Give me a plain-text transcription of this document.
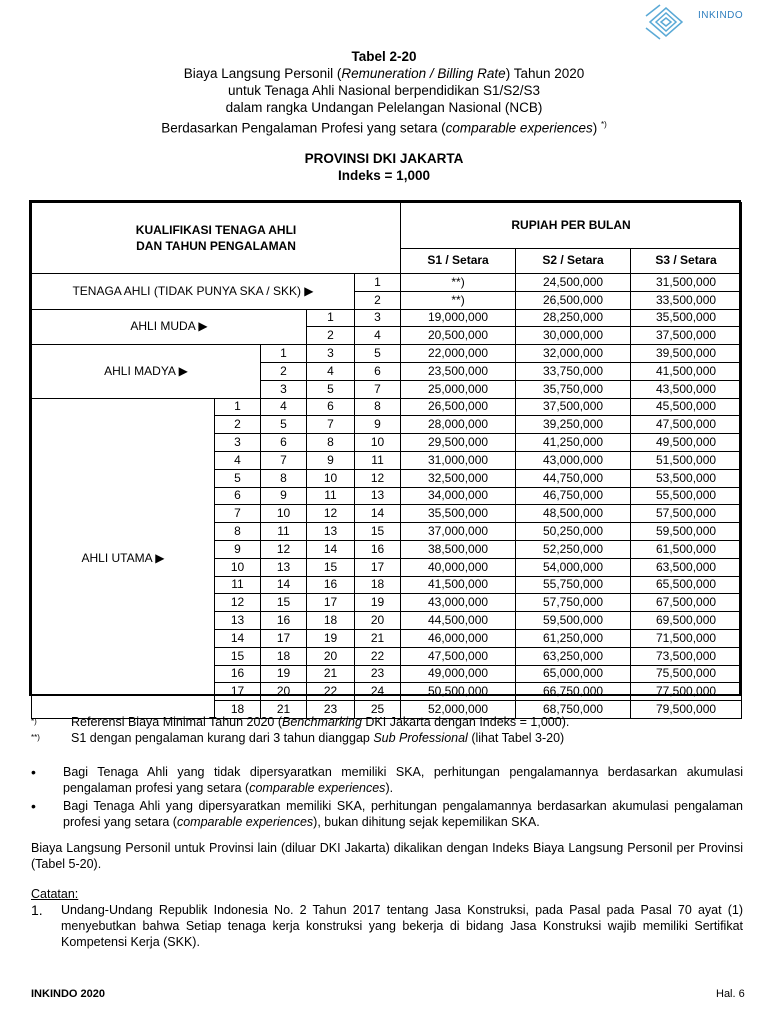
INKINDO
Tabel 2-20
Biaya Langsung Personil (Remuneration / Billing Rate) Tahun 2020
untuk Tenaga Ahli Nasional berpendidikan S1/S2/S3
dalam rangka Undangan Pelelangan Nasional (NCB)
Berdasarkan Pengalaman Profesi yang setara (comparable experiences) *)
PROVINSI DKI JAKARTA
Indeks = 1,000
KUALIFIKASI TENAGA AHLI
DAN TAHUN PENGALAMAN					RUPIAH PER BULAN		
					S1 / Setara	S2 / Setara	S3 / Setara
TENAGA AHLI (TIDAK PUNYA SKA / SKK) ▶				1	**)	24,500,000	31,500,000
				2	**)	26,500,000	33,500,000
AHLI MUDA ▶			1	3	19,000,000	28,250,000	35,500,000
			2	4	20,500,000	30,000,000	37,500,000
AHLI MADYA ▶		1	3	5	22,000,000	32,000,000	39,500,000
		2	4	6	23,500,000	33,750,000	41,500,000
		3	5	7	25,000,000	35,750,000	43,500,000
AHLI UTAMA ▶	1	4	6	8	26,500,000	37,500,000	45,500,000
	2	5	7	9	28,000,000	39,250,000	47,500,000
	3	6	8	10	29,500,000	41,250,000	49,500,000
	4	7	9	11	31,000,000	43,000,000	51,500,000
	5	8	10	12	32,500,000	44,750,000	53,500,000
	6	9	11	13	34,000,000	46,750,000	55,500,000
	7	10	12	14	35,500,000	48,500,000	57,500,000
	8	11	13	15	37,000,000	50,250,000	59,500,000
	9	12	14	16	38,500,000	52,250,000	61,500,000
	10	13	15	17	40,000,000	54,000,000	63,500,000
	11	14	16	18	41,500,000	55,750,000	65,500,000
	12	15	17	19	43,000,000	57,750,000	67,500,000
	13	16	18	20	44,500,000	59,500,000	69,500,000
	14	17	19	21	46,000,000	61,250,000	71,500,000
	15	18	20	22	47,500,000	63,250,000	73,500,000
	16	19	21	23	49,000,000	65,000,000	75,500,000
	17	20	22	24	50,500,000	66,750,000	77,500,000
	18	21	23	25	52,000,000	68,750,000	79,500,000
*)	Referensi Biaya Minimal Tahun 2020 (Benchmarking DKI Jakarta dengan Indeks = 1,000).
**)	S1 dengan pengalaman kurang dari 3 tahun dianggap Sub Professional (lihat Tabel 3-20)
•	Bagi Tenaga Ahli yang tidak dipersyaratkan memiliki SKA, perhitungan pengalamannya berdasarkan akumulasi pengalaman profesi yang setara (comparable experiences).
•	Bagi Tenaga Ahli yang dipersyaratkan memiliki SKA, perhitungan pengalamannya berdasarkan akumulasi pengalaman profesi yang setara (comparable experiences), bukan dihitung sejak kepemilikan SKA.
Biaya Langsung Personil untuk Provinsi lain (diluar DKI Jakarta) dikalikan dengan Indeks Biaya Langsung Personil per Provinsi (Tabel 5-20).
Catatan:
1.	Undang-Undang Republik Indonesia No. 2 Tahun 2017 tentang Jasa Konstruksi, pada Pasal pada Pasal 70 ayat (1) menyebutkan bahwa Setiap tenaga kerja konstruksi yang bekerja di bidang Jasa Konstruksi wajib memiliki Sertifikat Kompetensi Kerja (SKK).
INKINDO 2020	Hal. 6
